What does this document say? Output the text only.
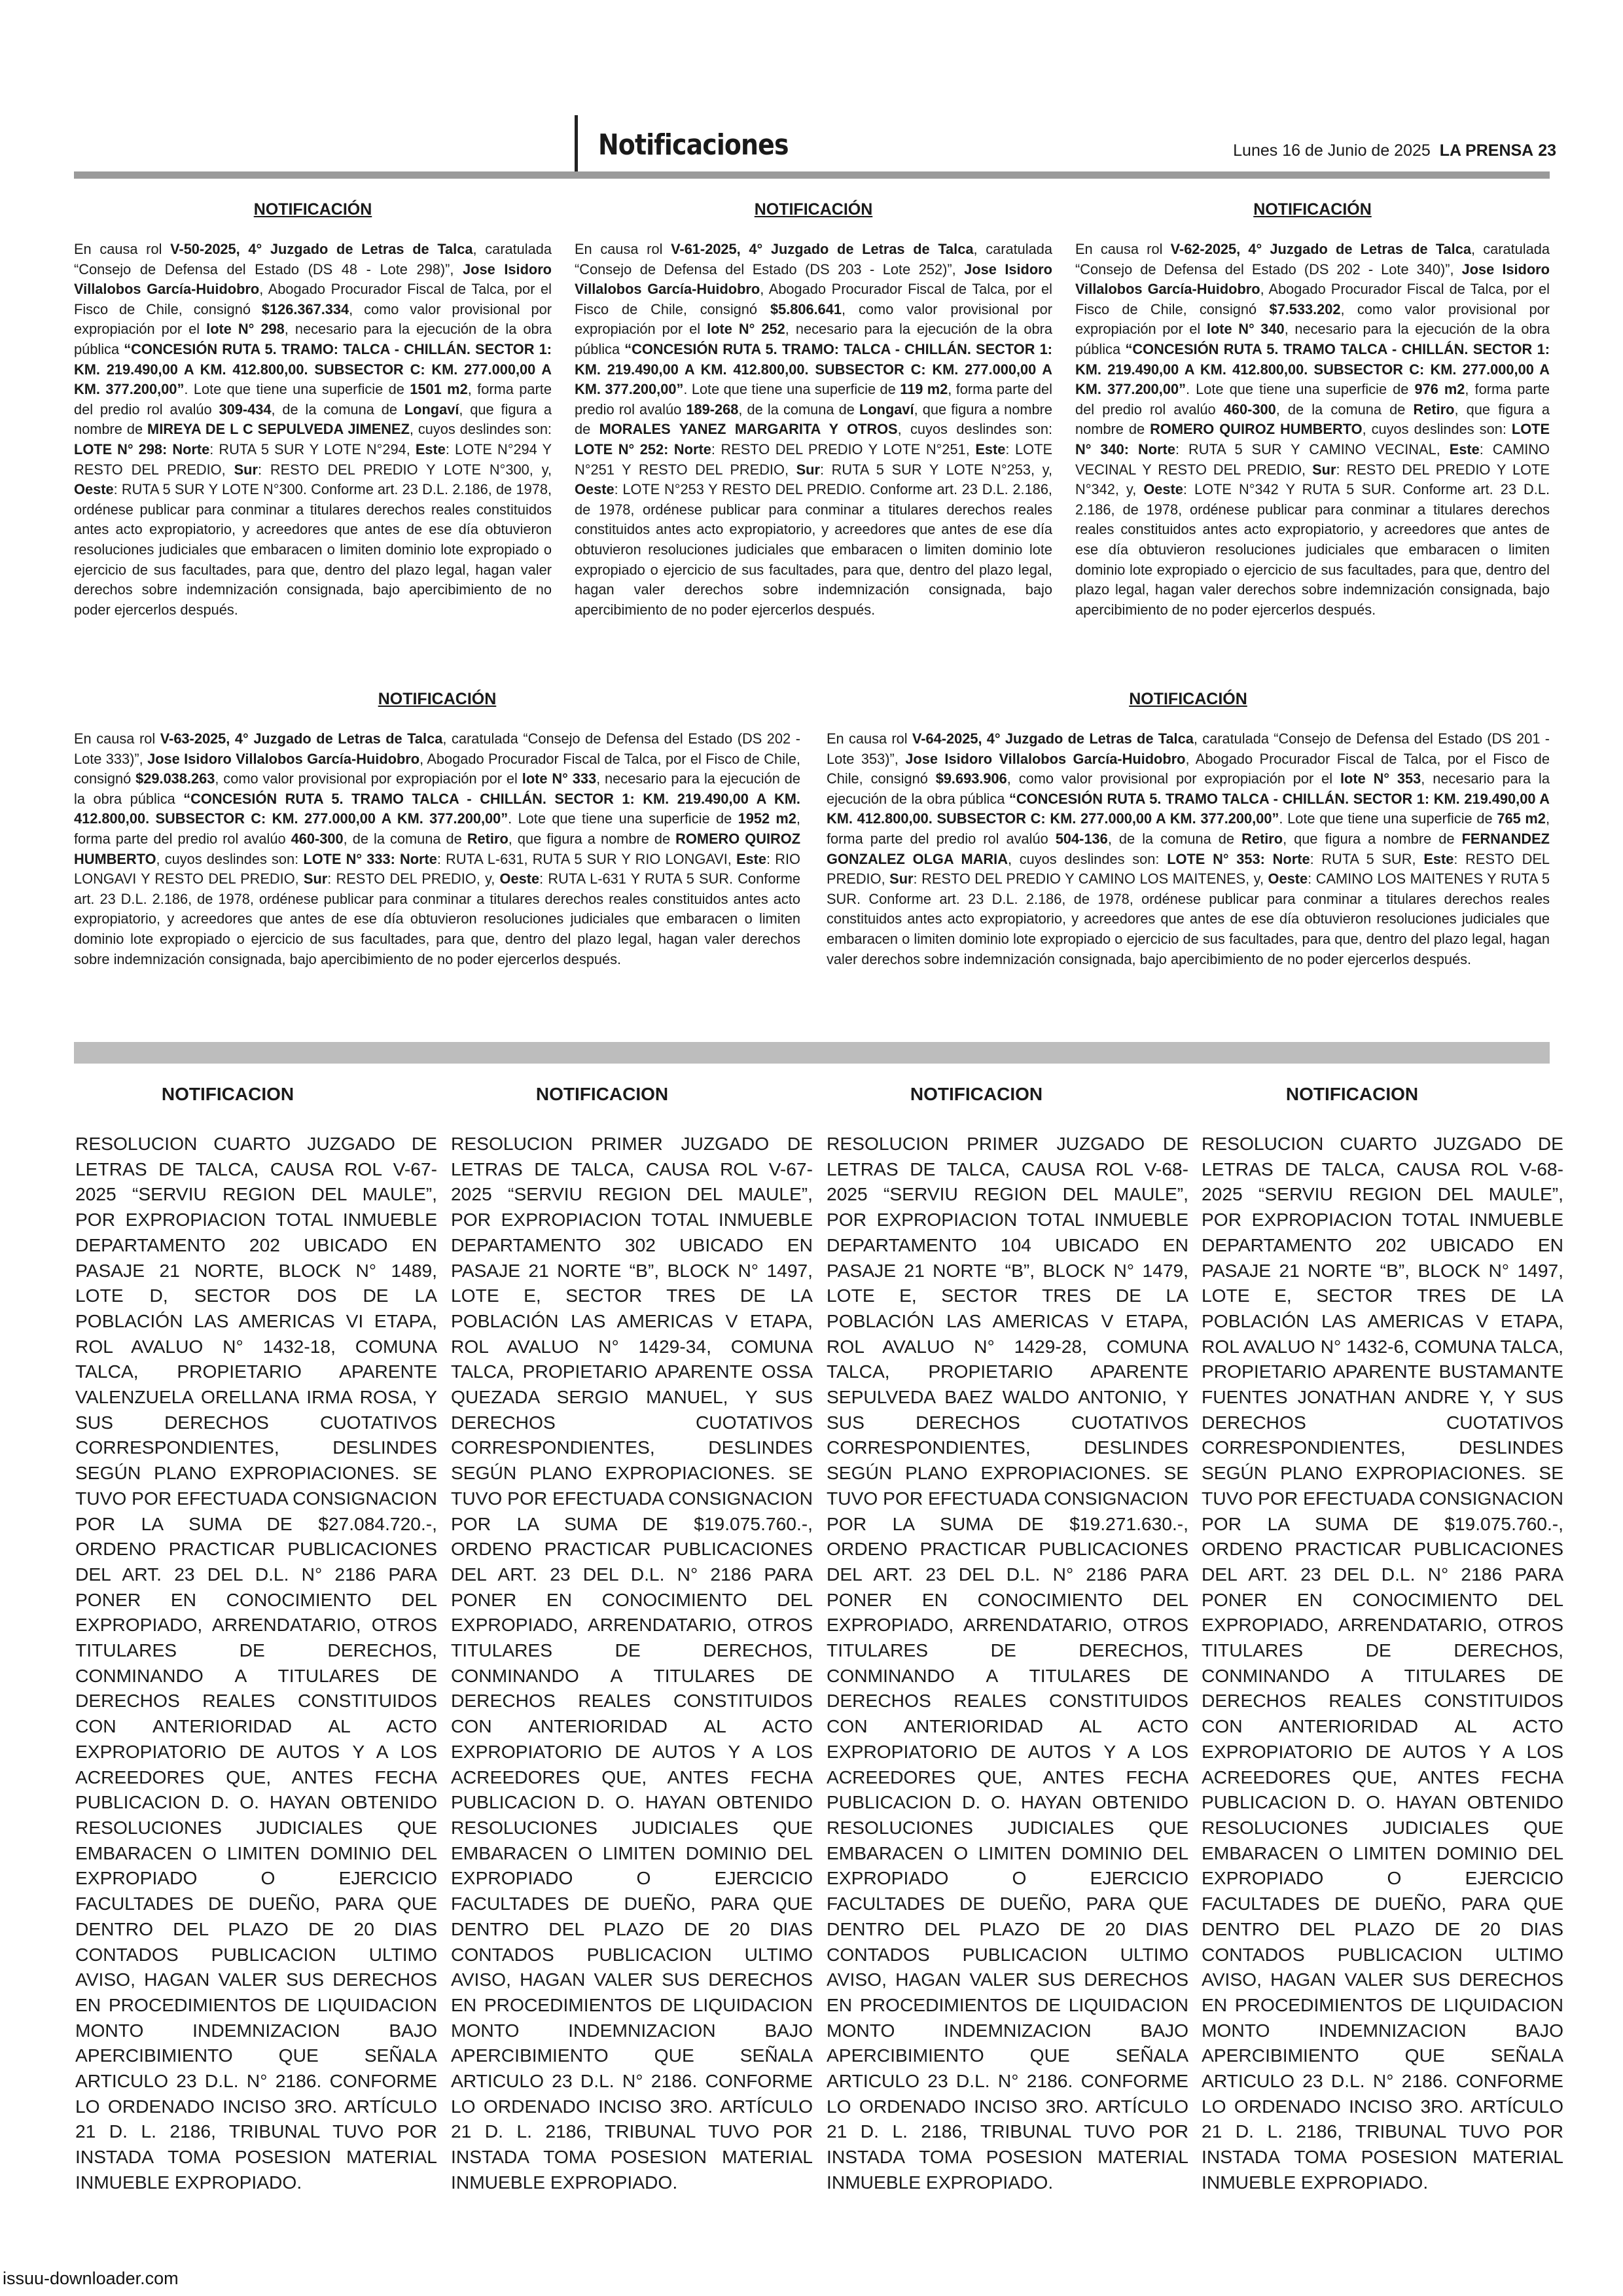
Notificaciones	Lunes 16 de Junio de 2025 LA PRENSA 23
NOTIFICACIÓN
En causa rol V-50-2025, 4° Juzgado de Letras de Talca, caratulada “Consejo de Defensa del Estado (DS 48 - Lote 298)”, Jose Isidoro Villalobos García-Huidobro, Abogado Procurador Fiscal de Talca, por el Fisco de Chile, consignó $126.367.334, como valor provisional por expropiación por el lote N° 298, necesario para la ejecución de la obra pública “CONCESIÓN RUTA 5. TRAMO: TALCA - CHILLÁN. SECTOR 1: KM. 219.490,00 A KM. 412.800,00. SUBSECTOR C: KM. 277.000,00 A KM. 377.200,00”. Lote que tiene una superficie de 1501 m2, forma parte del predio rol avalúo 309-434, de la comuna de Longaví, que figura a nombre de MIREYA DE L C SEPULVEDA JIMENEZ, cuyos deslindes son: LOTE N° 298: Norte: RUTA 5 SUR Y LOTE N°294, Este: LOTE N°294 Y RESTO DEL PREDIO, Sur: RESTO DEL PREDIO Y LOTE N°300, y, Oeste: RUTA 5 SUR Y LOTE N°300. Conforme art. 23 D.L. 2.186, de 1978, ordénese publicar para conminar a titulares derechos reales constituidos antes acto expropiatorio, y acreedores que antes de ese día obtuvieron resoluciones judiciales que embaracen o limiten dominio lote expropiado o ejercicio de sus facultades, para que, dentro del plazo legal, hagan valer derechos sobre indemnización consignada, bajo apercibimiento de no poder ejercerlos después.
NOTIFICACIÓN
En causa rol V-61-2025, 4° Juzgado de Letras de Talca, caratulada “Consejo de Defensa del Estado (DS 203 - Lote 252)”, Jose Isidoro Villalobos García-Huidobro, Abogado Procurador Fiscal de Talca, por el Fisco de Chile, consignó $5.806.641, como valor provisional por expropiación por el lote N° 252, necesario para la ejecución de la obra pública “CONCESIÓN RUTA 5. TRAMO: TALCA - CHILLÁN. SECTOR 1: KM. 219.490,00 A KM. 412.800,00. SUBSECTOR C: KM. 277.000,00 A KM. 377.200,00”. Lote que tiene una superficie de 119 m2, forma parte del predio rol avalúo 189-268, de la comuna de Longaví, que figura a nombre de MORALES YANEZ MARGARITA Y OTROS, cuyos deslindes son: LOTE N° 252: Norte: RESTO DEL PREDIO Y LOTE N°251, Este: LOTE N°251 Y RESTO DEL PREDIO, Sur: RUTA 5 SUR Y LOTE N°253, y, Oeste: LOTE N°253 Y RESTO DEL PREDIO. Conforme art. 23 D.L. 2.186, de 1978, ordénese publicar para conminar a titulares derechos reales constituidos antes acto expropiatorio, y acreedores que antes de ese día obtuvieron resoluciones judiciales que embaracen o limiten dominio lote expropiado o ejercicio de sus facultades, para que, dentro del plazo legal, hagan valer derechos sobre indemnización consignada, bajo apercibimiento de no poder ejercerlos después.
NOTIFICACIÓN
En causa rol V-62-2025, 4° Juzgado de Letras de Talca, caratulada “Consejo de Defensa del Estado (DS 202 - Lote 340)”, Jose Isidoro Villalobos García-Huidobro, Abogado Procurador Fiscal de Talca, por el Fisco de Chile, consignó $7.533.202, como valor provisional por expropiación por el lote N° 340, necesario para la ejecución de la obra pública “CONCESIÓN RUTA 5. TRAMO TALCA - CHILLÁN. SECTOR 1: KM. 219.490,00 A KM. 412.800,00. SUBSECTOR C: KM. 277.000,00 A KM. 377.200,00”. Lote que tiene una superficie de 976 m2, forma parte del predio rol avalúo 460-300, de la comuna de Retiro, que figura a nombre de ROMERO QUIROZ HUMBERTO, cuyos deslindes son: LOTE N° 340: Norte: RUTA 5 SUR Y CAMINO VECINAL, Este: CAMINO VECINAL Y RESTO DEL PREDIO, Sur: RESTO DEL PREDIO Y LOTE N°342, y, Oeste: LOTE N°342 Y RUTA 5 SUR. Conforme art. 23 D.L. 2.186, de 1978, ordénese publicar para conminar a titulares derechos reales constituidos antes acto expropiatorio, y acreedores que antes de ese día obtuvieron resoluciones judiciales que embaracen o limiten dominio lote expropiado o ejercicio de sus facultades, para que, dentro del plazo legal, hagan valer derechos sobre indemnización consignada, bajo apercibimiento de no poder ejercerlos después.
NOTIFICACIÓN
En causa rol V-63-2025, 4° Juzgado de Letras de Talca, caratulada “Consejo de Defensa del Estado (DS 202 - Lote 333)”, Jose Isidoro Villalobos García-Huidobro, Abogado Procurador Fiscal de Talca, por el Fisco de Chile, consignó $29.038.263, como valor provisional por expropiación por el lote N° 333, necesario para la ejecución de la obra pública “CONCESIÓN RUTA 5. TRAMO TALCA - CHILLÁN. SECTOR 1: KM. 219.490,00 A KM. 412.800,00. SUBSECTOR C: KM. 277.000,00 A KM. 377.200,00”. Lote que tiene una superficie de 1952 m2, forma parte del predio rol avalúo 460-300, de la comuna de Retiro, que figura a nombre de ROMERO QUIROZ HUMBERTO, cuyos deslindes son: LOTE N° 333: Norte: RUTA L-631, RUTA 5 SUR Y RIO LONGAVI, Este: RIO LONGAVI Y RESTO DEL PREDIO, Sur: RESTO DEL PREDIO, y, Oeste: RUTA L-631 Y RUTA 5 SUR. Conforme art. 23 D.L. 2.186, de 1978, ordénese publicar para conminar a titulares derechos reales constituidos antes acto expropiatorio, y acreedores que antes de ese día obtuvieron resoluciones judiciales que embaracen o limiten dominio lote expropiado o ejercicio de sus facultades, para que, dentro del plazo legal, hagan valer derechos sobre indemnización consignada, bajo apercibimiento de no poder ejercerlos después.
NOTIFICACIÓN
En causa rol V-64-2025, 4° Juzgado de Letras de Talca, caratulada “Consejo de Defensa del Estado (DS 201 - Lote 353)”, Jose Isidoro Villalobos García-Huidobro, Abogado Procurador Fiscal de Talca, por el Fisco de Chile, consignó $9.693.906, como valor provisional por expropiación por el lote N° 353, necesario para la ejecución de la obra pública “CONCESIÓN RUTA 5. TRAMO TALCA - CHILLÁN. SECTOR 1: KM. 219.490,00 A KM. 412.800,00. SUBSECTOR C: KM. 277.000,00 A KM. 377.200,00”. Lote que tiene una superficie de 765 m2, forma parte del predio rol avalúo 504-136, de la comuna de Retiro, que figura a nombre de FERNANDEZ GONZALEZ OLGA MARIA, cuyos deslindes son: LOTE N° 353: Norte: RUTA 5 SUR, Este: RESTO DEL PREDIO, Sur: RESTO DEL PREDIO Y CAMINO LOS MAITENES, y, Oeste: CAMINO LOS MAITENES Y RUTA 5 SUR. Conforme art. 23 D.L. 2.186, de 1978, ordénese publicar para conminar a titulares derechos reales constituidos antes acto expropiatorio, y acreedores que antes de ese día obtuvieron resoluciones judiciales que embaracen o limiten dominio lote expropiado o ejercicio de sus facultades, para que, dentro del plazo legal, hagan valer derechos sobre indemnización consignada, bajo apercibimiento de no poder ejercerlos después.
NOTIFICACION
RESOLUCION CUARTO JUZGADO DE LETRAS DE TALCA, CAUSA ROL V-67-2025 “SERVIU REGION DEL MAULE”, POR EXPROPIACION TOTAL INMUEBLE DEPARTAMENTO 202 UBICADO EN PASAJE 21 NORTE, BLOCK N° 1489, LOTE D, SECTOR DOS DE LA POBLACIÓN LAS AMERICAS VI ETAPA, ROL AVALUO N° 1432-18, COMUNA TALCA, PROPIETARIO APARENTE VALENZUELA ORELLANA IRMA ROSA, Y SUS DERECHOS CUOTATIVOS CORRESPONDIENTES, DESLINDES SEGÚN PLANO EXPROPIACIONES. SE TUVO POR EFECTUADA CONSIGNACION POR LA SUMA DE $27.084.720.-, ORDENO PRACTICAR PUBLICACIONES DEL ART. 23 DEL D.L. N° 2186 PARA PONER EN CONOCIMIENTO DEL EXPROPIADO, ARRENDATARIO, OTROS TITULARES DE DERECHOS, CONMINANDO A TITULARES DE DERECHOS REALES CONSTITUIDOS CON ANTERIORIDAD AL ACTO EXPROPIATORIO DE AUTOS Y A LOS ACREEDORES QUE, ANTES FECHA PUBLICACION D. O. HAYAN OBTENIDO RESOLUCIONES JUDICIALES QUE EMBARACEN O LIMITEN DOMINIO DEL EXPROPIADO O EJERCICIO FACULTADES DE DUEÑO, PARA QUE DENTRO DEL PLAZO DE 20 DIAS CONTADOS PUBLICACION ULTIMO AVISO, HAGAN VALER SUS DERECHOS EN PROCEDIMIENTOS DE LIQUIDACION MONTO INDEMNIZACION BAJO APERCIBIMIENTO QUE SEÑALA ARTICULO 23 D.L. N° 2186. CONFORME LO ORDENADO INCISO 3RO. ARTÍCULO 21 D. L. 2186, TRIBUNAL TUVO POR INSTADA TOMA POSESION MATERIAL INMUEBLE EXPROPIADO.
NOTIFICACION
RESOLUCION PRIMER JUZGADO DE LETRAS DE TALCA, CAUSA ROL V-67-2025 “SERVIU REGION DEL MAULE”, POR EXPROPIACION TOTAL INMUEBLE DEPARTAMENTO 302 UBICADO EN PASAJE 21 NORTE “B”, BLOCK N° 1497, LOTE E, SECTOR TRES DE LA POBLACIÓN LAS AMERICAS V ETAPA, ROL AVALUO N° 1429-34, COMUNA TALCA, PROPIETARIO APARENTE OSSA QUEZADA SERGIO MANUEL, Y SUS DERECHOS CUOTATIVOS CORRESPONDIENTES, DESLINDES SEGÚN PLANO EXPROPIACIONES. SE TUVO POR EFECTUADA CONSIGNACION POR LA SUMA DE $19.075.760.-, ORDENO PRACTICAR PUBLICACIONES DEL ART. 23 DEL D.L. N° 2186 PARA PONER EN CONOCIMIENTO DEL EXPROPIADO, ARRENDATARIO, OTROS TITULARES DE DERECHOS, CONMINANDO A TITULARES DE DERECHOS REALES CONSTITUIDOS CON ANTERIORIDAD AL ACTO EXPROPIATORIO DE AUTOS Y A LOS ACREEDORES QUE, ANTES FECHA PUBLICACION D. O. HAYAN OBTENIDO RESOLUCIONES JUDICIALES QUE EMBARACEN O LIMITEN DOMINIO DEL EXPROPIADO O EJERCICIO FACULTADES DE DUEÑO, PARA QUE DENTRO DEL PLAZO DE 20 DIAS CONTADOS PUBLICACION ULTIMO AVISO, HAGAN VALER SUS DERECHOS EN PROCEDIMIENTOS DE LIQUIDACION MONTO INDEMNIZACION BAJO APERCIBIMIENTO QUE SEÑALA ARTICULO 23 D.L. N° 2186. CONFORME LO ORDENADO INCISO 3RO. ARTÍCULO 21 D. L. 2186, TRIBUNAL TUVO POR INSTADA TOMA POSESION MATERIAL INMUEBLE EXPROPIADO.
NOTIFICACION
RESOLUCION PRIMER JUZGADO DE LETRAS DE TALCA, CAUSA ROL V-68-2025 “SERVIU REGION DEL MAULE”, POR EXPROPIACION TOTAL INMUEBLE DEPARTAMENTO 104 UBICADO EN PASAJE 21 NORTE “B”, BLOCK N° 1479, LOTE E, SECTOR TRES DE LA POBLACIÓN LAS AMERICAS V ETAPA, ROL AVALUO N° 1429-28, COMUNA TALCA, PROPIETARIO APARENTE SEPULVEDA BAEZ WALDO ANTONIO, Y SUS DERECHOS CUOTATIVOS CORRESPONDIENTES, DESLINDES SEGÚN PLANO EXPROPIACIONES. SE TUVO POR EFECTUADA CONSIGNACION POR LA SUMA DE $19.271.630.-, ORDENO PRACTICAR PUBLICACIONES DEL ART. 23 DEL D.L. N° 2186 PARA PONER EN CONOCIMIENTO DEL EXPROPIADO, ARRENDATARIO, OTROS TITULARES DE DERECHOS, CONMINANDO A TITULARES DE DERECHOS REALES CONSTITUIDOS CON ANTERIORIDAD AL ACTO EXPROPIATORIO DE AUTOS Y A LOS ACREEDORES QUE, ANTES FECHA PUBLICACION D. O. HAYAN OBTENIDO RESOLUCIONES JUDICIALES QUE EMBARACEN O LIMITEN DOMINIO DEL EXPROPIADO O EJERCICIO FACULTADES DE DUEÑO, PARA QUE DENTRO DEL PLAZO DE 20 DIAS CONTADOS PUBLICACION ULTIMO AVISO, HAGAN VALER SUS DERECHOS EN PROCEDIMIENTOS DE LIQUIDACION MONTO INDEMNIZACION BAJO APERCIBIMIENTO QUE SEÑALA ARTICULO 23 D.L. N° 2186. CONFORME LO ORDENADO INCISO 3RO. ARTÍCULO 21 D. L. 2186, TRIBUNAL TUVO POR INSTADA TOMA POSESION MATERIAL INMUEBLE EXPROPIADO.
NOTIFICACION
RESOLUCION CUARTO JUZGADO DE LETRAS DE TALCA, CAUSA ROL V-68-2025 “SERVIU REGION DEL MAULE”, POR EXPROPIACION TOTAL INMUEBLE DEPARTAMENTO 202 UBICADO EN PASAJE 21 NORTE “B”, BLOCK N° 1497, LOTE E, SECTOR TRES DE LA POBLACIÓN LAS AMERICAS V ETAPA, ROL AVALUO N° 1432-6, COMUNA TALCA, PROPIETARIO APARENTE BUSTAMANTE FUENTES JONATHAN ANDRE Y, Y SUS DERECHOS CUOTATIVOS CORRESPONDIENTES, DESLINDES SEGÚN PLANO EXPROPIACIONES. SE TUVO POR EFECTUADA CONSIGNACION POR LA SUMA DE $19.075.760.-, ORDENO PRACTICAR PUBLICACIONES DEL ART. 23 DEL D.L. N° 2186 PARA PONER EN CONOCIMIENTO DEL EXPROPIADO, ARRENDATARIO, OTROS TITULARES DE DERECHOS, CONMINANDO A TITULARES DE DERECHOS REALES CONSTITUIDOS CON ANTERIORIDAD AL ACTO EXPROPIATORIO DE AUTOS Y A LOS ACREEDORES QUE, ANTES FECHA PUBLICACION D. O. HAYAN OBTENIDO RESOLUCIONES JUDICIALES QUE EMBARACEN O LIMITEN DOMINIO DEL EXPROPIADO O EJERCICIO FACULTADES DE DUEÑO, PARA QUE DENTRO DEL PLAZO DE 20 DIAS CONTADOS PUBLICACION ULTIMO AVISO, HAGAN VALER SUS DERECHOS EN PROCEDIMIENTOS DE LIQUIDACION MONTO INDEMNIZACION BAJO APERCIBIMIENTO QUE SEÑALA ARTICULO 23 D.L. N° 2186. CONFORME LO ORDENADO INCISO 3RO. ARTÍCULO 21 D. L. 2186, TRIBUNAL TUVO POR INSTADA TOMA POSESION MATERIAL INMUEBLE EXPROPIADO.
issuu-downloader.com
